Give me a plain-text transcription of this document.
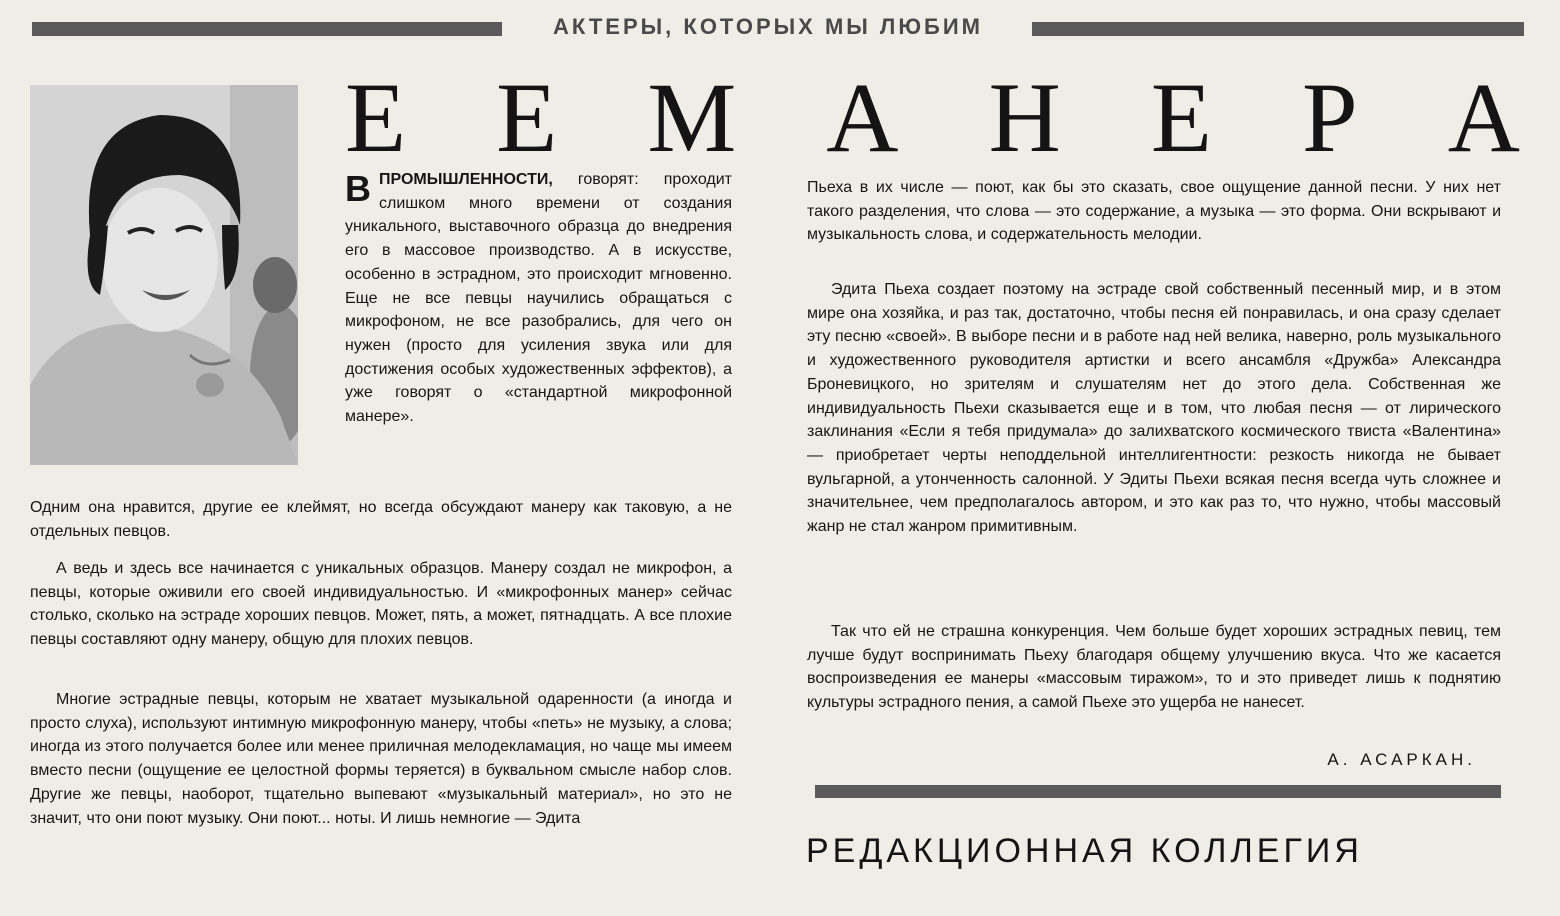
АКТЕРЫ, КОТОРЫХ МЫ ЛЮБИМ
Е Е М А Н Е Р А

ВПРОМЫШЛЕННОСТИ, говорят: проходит слишком много времени от создания уникального, выставочного образца до внедрения его в массовое производство. А в искусстве, особенно в эстрадном, это происходит мгновенно. Еще не все певцы научились обращаться с микрофоном, не все разобрались, для чего он нужен (просто для усиления звука или для достижения особых художественных эффектов), а уже говорят о «стандартной микрофонной манере».

Одним она нравится, другие ее клеймят, но всегда обсуждают манеру как таковую, а не отдельных певцов.

А ведь и здесь все начинается с уникальных образцов. Манеру создал не микрофон, а певцы, которые оживили его своей индивидуальностью. И «микрофонных манер» сейчас столько, сколько на эстраде хороших певцов. Может, пять, а может, пятнадцать. А все плохие певцы составляют одну манеру, общую для плохих певцов.

Многие эстрадные певцы, которым не хватает музыкальной одаренности (а иногда и просто слуха), используют интимную микрофонную манеру, чтобы «петь» не музыку, а слова; иногда из этого получается более или менее приличная мелодекламация, но чаще мы имеем вместо песни (ощущение ее целостной формы теряется) в буквальном смысле набор слов. Другие же певцы, наоборот, тщательно выпевают «музыкальный материал», но это не значит, что они поют музыку. Они поют... ноты. И лишь немногие — Эдита

Пьеха в их числе — поют, как бы это сказать, свое ощущение данной песни. У них нет такого разделения, что слова — это содержание, а музыка — это форма. Они вскрывают и музыкальность слова, и содержательность мелодии.

Эдита Пьеха создает поэтому на эстраде свой собственный песенный мир, и в этом мире она хозяйка, и раз так, достаточно, чтобы песня ей понравилась, и она сразу сделает эту песню «своей». В выборе песни и в работе над ней велика, наверно, роль музыкального и художественного руководителя артистки и всего ансамбля «Дружба» Александра Броневицкого, но зрителям и слушателям нет до этого дела. Собственная же индивидуальность Пьехи сказывается еще и в том, что любая песня — от лирического заклинания «Если я тебя придумала» до залихватского космического твиста «Валентина» — приобретает черты неподдельной интеллигентности: резкость никогда не бывает вульгарной, а утонченность салонной. У Эдиты Пьехи всякая песня всегда чуть сложнее и значительнее, чем предполагалось автором, и это как раз то, что нужно, чтобы массовый жанр не стал жанром примитивным.

Так что ей не страшна конкуренция. Чем больше будет хороших эстрадных певиц, тем лучше будут воспринимать Пьеху благодаря общему улучшению вкуса. Что же касается воспроизведения ее манеры «массовым тиражом», то и это приведет лишь к поднятию культуры эстрадного пения, а самой Пьехе это ущерба не нанесет.

А. АСАРКАН.
РЕДАКЦИОННАЯ КОЛЛЕГИЯ
